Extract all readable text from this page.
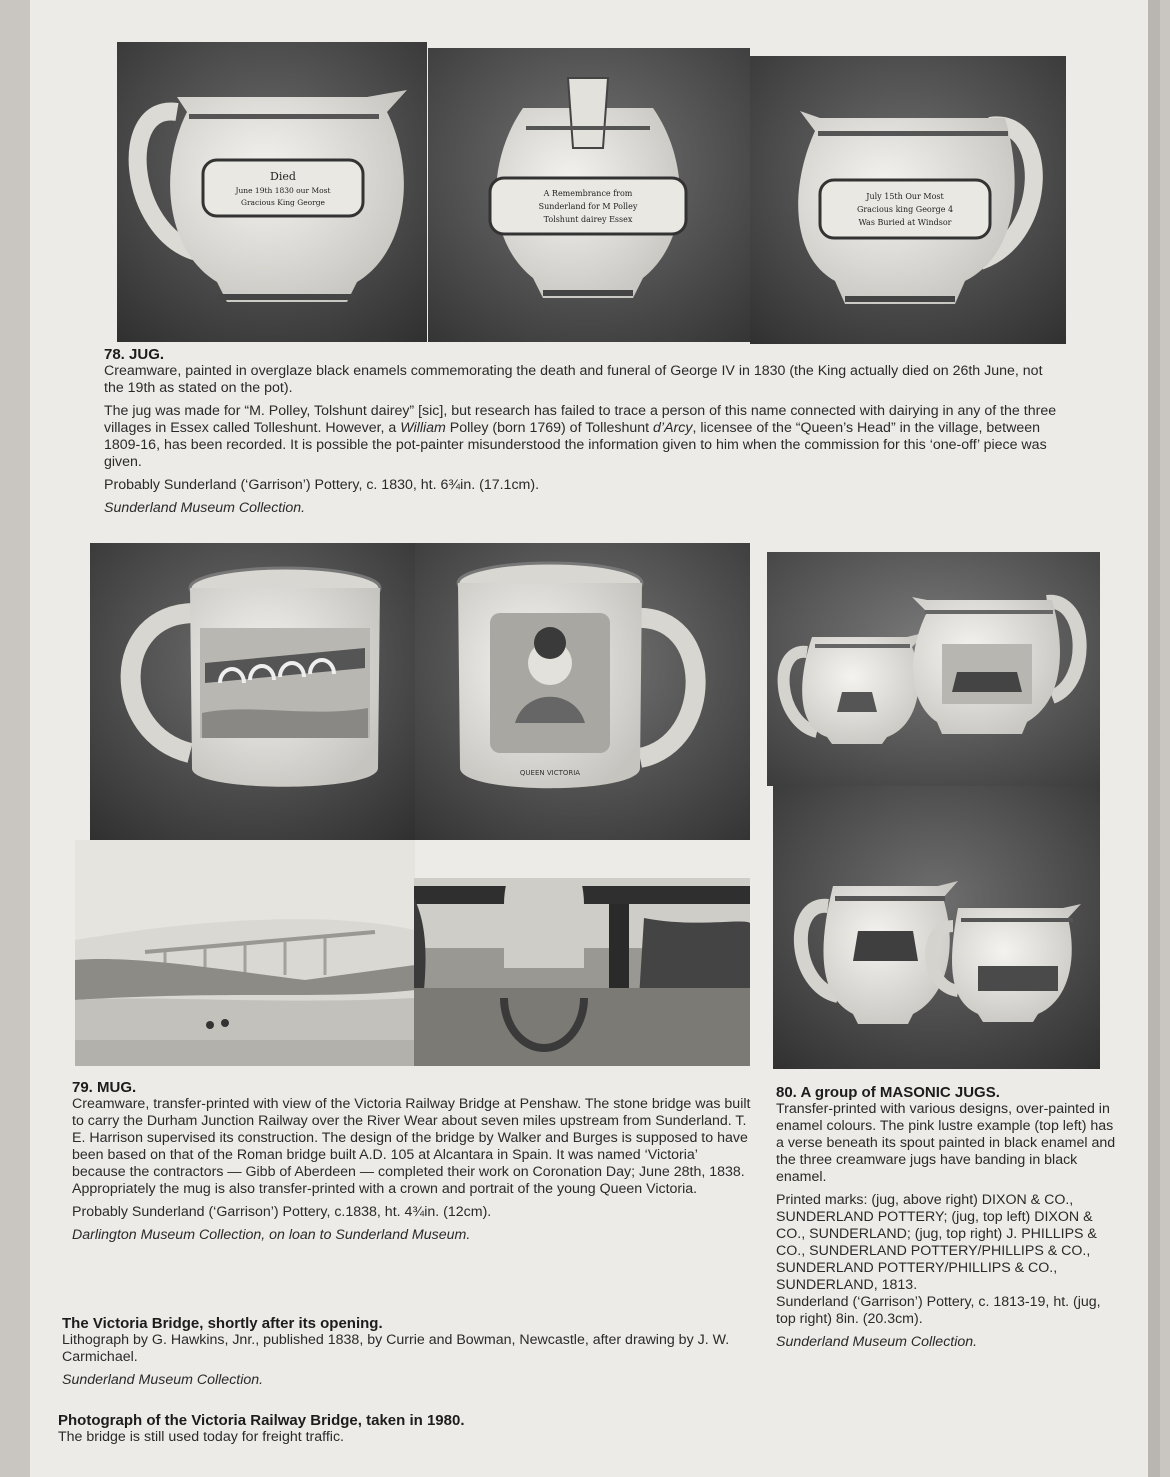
Died
June 19th 1830 our Most
Gracious King George
A Remembrance from
Sunderland for M Polley
Tolshunt dairey Essex
July 15th Our Most
Gracious king George 4
Was Buried at Windsor

78. JUG.

Creamware, painted in overglaze black enamels commemorating the death and funeral of George IV in 1830 (the King actually died on 26th June, not the 19th as stated on the pot).

The jug was made for “M. Polley, Tolshunt dairey” [sic], but research has failed to trace a person of this name connected with dairying in any of the three villages in Essex called Tolleshunt. However, a William Polley (born 1769) of Tolleshunt d’Arcy, licensee of the “Queen’s Head” in the village, between 1809-16, has been recorded. It is possible the pot-painter misunderstood the information given to him when the commission for this ‘one-off’ piece was given.

Probably Sunderland (‘Garrison’) Pottery, c. 1830, ht. 6¾in. (17.1cm).

Sunderland Museum Collection.

QUEEN VICTORIA

79. MUG.

Creamware, transfer-printed with view of the Victoria Railway Bridge at Penshaw. The stone bridge was built to carry the Durham Junction Railway over the River Wear about seven miles upstream from Sunderland. T. E. Harrison supervised its construction. The design of the bridge by Walker and Burges is supposed to have been based on that of the Roman bridge built A.D. 105 at Alcantara in Spain. It was named ‘Victoria’ because the contractors — Gibb of Aberdeen — completed their work on Coronation Day; June 28th, 1838. Appropriately the mug is also transfer-printed with a crown and portrait of the young Queen Victoria.

Probably Sunderland (‘Garrison’) Pottery, c.1838, ht. 4¾in. (12cm).

Darlington Museum Collection, on loan to Sunderland Museum.

The Victoria Bridge, shortly after its opening.

Lithograph by G. Hawkins, Jnr., published 1838, by Currie and Bowman, Newcastle, after drawing by J. W. Carmichael.

Sunderland Museum Collection.

Photograph of the Victoria Railway Bridge, taken in 1980.

The bridge is still used today for freight traffic.

80. A group of MASONIC JUGS.

Transfer-printed with various designs, over-painted in enamel colours. The pink lustre example (top left) has a verse beneath its spout painted in black enamel and the three creamware jugs have banding in black enamel.

Printed marks: (jug, above right) DIXON & CO., SUNDERLAND POTTERY; (jug, top left) DIXON & CO., SUNDERLAND; (jug, top right) J. PHILLIPS & CO., SUNDERLAND POTTERY/PHILLIPS & CO., SUNDERLAND POTTERY/PHILLIPS & CO., SUNDERLAND, 1813.

Sunderland (‘Garrison’) Pottery, c. 1813-19, ht. (jug, top right) 8in. (20.3cm).

Sunderland Museum Collection.
